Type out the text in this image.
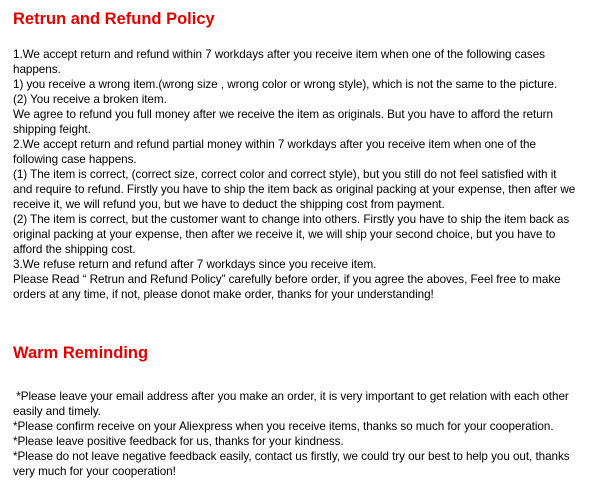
Retrun and Refund Policy

1.We accept return and refund within 7 workdays after you receive item when one of the following cases
happens.
1) you receive a wrong item.(wrong size , wrong color or wrong style), which is not the same to the picture.
(2) You receive a broken item.
We agree to refund you full money after we receive the item as originals. But you have to afford the return
shipping feight.
2.We accept return and refund partial money within 7 workdays after you receive item when one of the
following case happens.
(1) The item is correct, (correct size, correct color and correct style), but you still do not feel satisfied with it
and require to refund. Firstly you have to ship the item back as original packing at your expense, then after we
receive it, we will refund you, but we have to deduct the shipping cost from payment.
(2) The item is correct, but the customer want to change into others. Firstly you have to ship the item back as
original packing at your expense, then after we receive it, we will ship your second choice, but you have to
afford the shipping cost.
3.We refuse return and refund after 7 workdays since you receive item.
Please Read “ Retrun and Refund Policy” carefully before order, if you agree the aboves, Feel free to make
orders at any time, if not, please donot make order, thanks for your understanding!

Warm Reminding

*Please leave your email address after you make an order, it is very important to get relation with each other
easily and timely.
*Please confirm receive on your Aliexpress when you receive items, thanks so much for your cooperation.
*Please leave positive feedback for us, thanks for your kindness.
*Please do not leave negative feedback easily, contact us firstly, we could try our best to help you out, thanks
very much for your cooperation!
